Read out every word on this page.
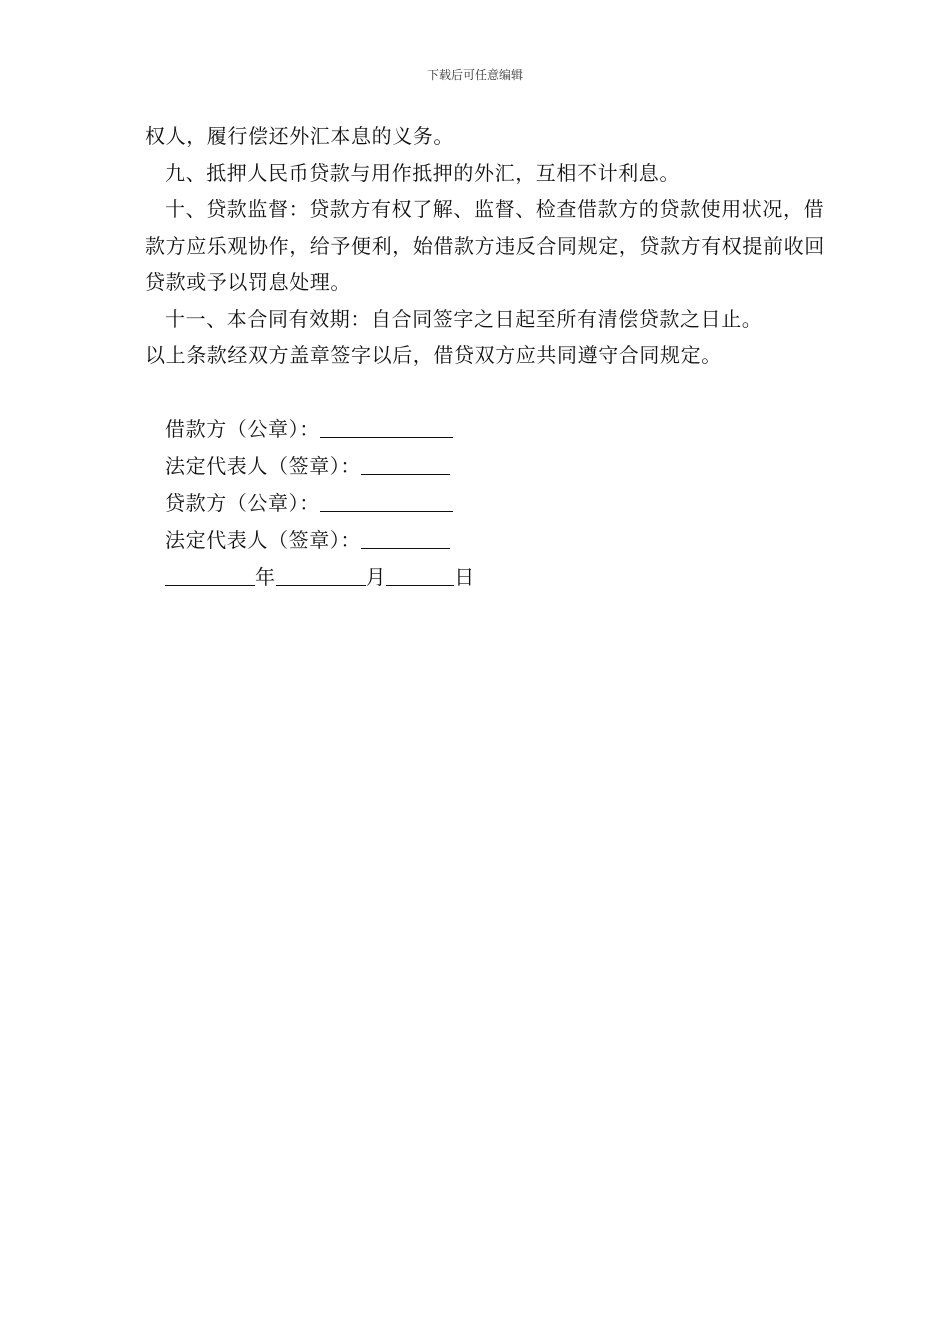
下载后可任意编辑

权人，履行偿还外汇本息的义务。

九、抵押人民币贷款与用作抵押的外汇，互相不计利息。

十、贷款监督：贷款方有权了解、监督、检查借款方的贷款使用状况，借款方应乐观协作，给予便利，始借款方违反合同规定，贷款方有权提前收回贷款或予以罚息处理。

十一、本合同有效期：自合同签字之日起至所有清偿贷款之日止。

以上条款经双方盖章签字以后，借贷双方应共同遵守合同规定。

借款方（公章）：
法定代表人（签章）：
贷款方（公章）：
法定代表人（签章）：
年	月	日
